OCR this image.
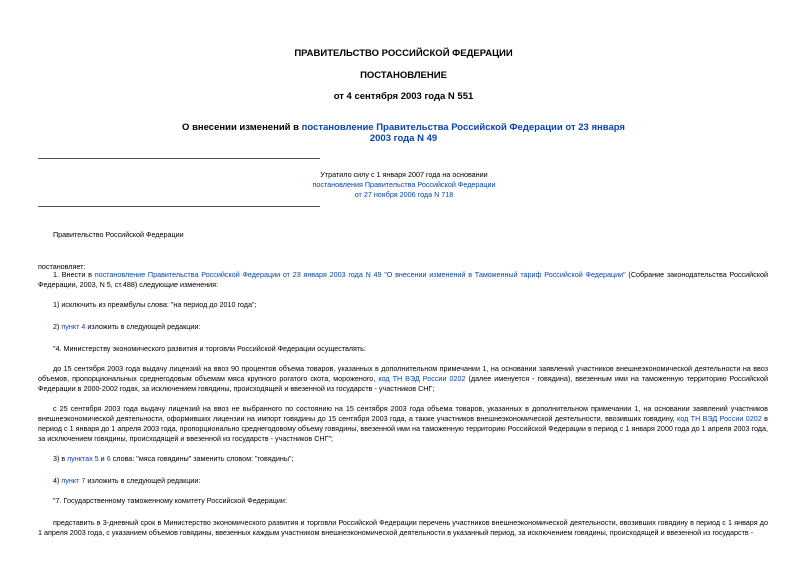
ПРАВИТЕЛЬСТВО РОССИЙСКОЙ ФЕДЕРАЦИИ
ПОСТАНОВЛЕНИЕ
от 4 сентября 2003 года N 551
О внесении изменений в постановление Правительства Российской Федерации от 23 января 2003 года N 49
Утратило силу с 1 января 2007 года на основании
постановления Правительства Российской Федерации
от 27 ноября 2006 года N 718
Правительство Российской Федерации
постановляет:
1. Внести в постановление Правительства Российской Федерации от 23 января 2003 года N 49 "О внесении изменений в Таможенный тариф Российской Федерации" (Собрание законодательства Российской Федерации, 2003, N 5, ст.488) следующие изменения:
1) исключить из преамбулы слова: "на период до 2010 года";
2) пункт 4 изложить в следующей редакции:
"4. Министерству экономического развития и торговли Российской Федерации осуществлять:
до 15 сентября 2003 года выдачу лицензий на ввоз 90 процентов объема товаров, указанных в дополнительном примечании 1, на основании заявлений участников внешнеэкономической деятельности на ввоз объемов, пропорциональных среднегодовым объемам мяса крупного рогатого скота, мороженого, код ТН ВЭД России 0202 (далее именуется - говядина), ввезенным ими на таможенную территорию Российской Федерации в 2000-2002 годах, за исключением говядины, происходящей и ввезенной из государств - участников СНГ;
с 25 сентября 2003 года выдачу лицензий на ввоз не выбранного по состоянию на 15 сентября 2003 года объема товаров, указанных в дополнительном примечании 1, на основании заявлений участников внешнеэкономической деятельности, оформивших лицензии на импорт говядины до 15 сентября 2003 года, а также участников внешнеэкономической деятельности, ввозивших говядину, код ТН ВЭД России 0202 в период с 1 января до 1 апреля 2003 года, пропорционально среднегодовому объему говядины, ввезенной ими на таможенную территорию Российской Федерации в период с 1 января 2000 года до 1 апреля 2003 года, за исключением говядины, происходящей и ввезенной из государств - участников СНГ";
3) в пунктах 5 и 6 слова: "мяса говядины" заменить словом: "говядины";
4) пункт 7 изложить в следующей редакции:
"7. Государственному таможенному комитету Российской Федерации:
представить в 3-дневный срок в Министерство экономического развития и торговли Российской Федерации перечень участников внешнеэкономической деятельности, ввозивших говядину в период с 1 января до 1 апреля 2003 года, с указанием объемов говядины, ввезенных каждым участником внешнеэкономической деятельности в указанный период, за исключением говядины, происходящей и ввезенной из государств -
